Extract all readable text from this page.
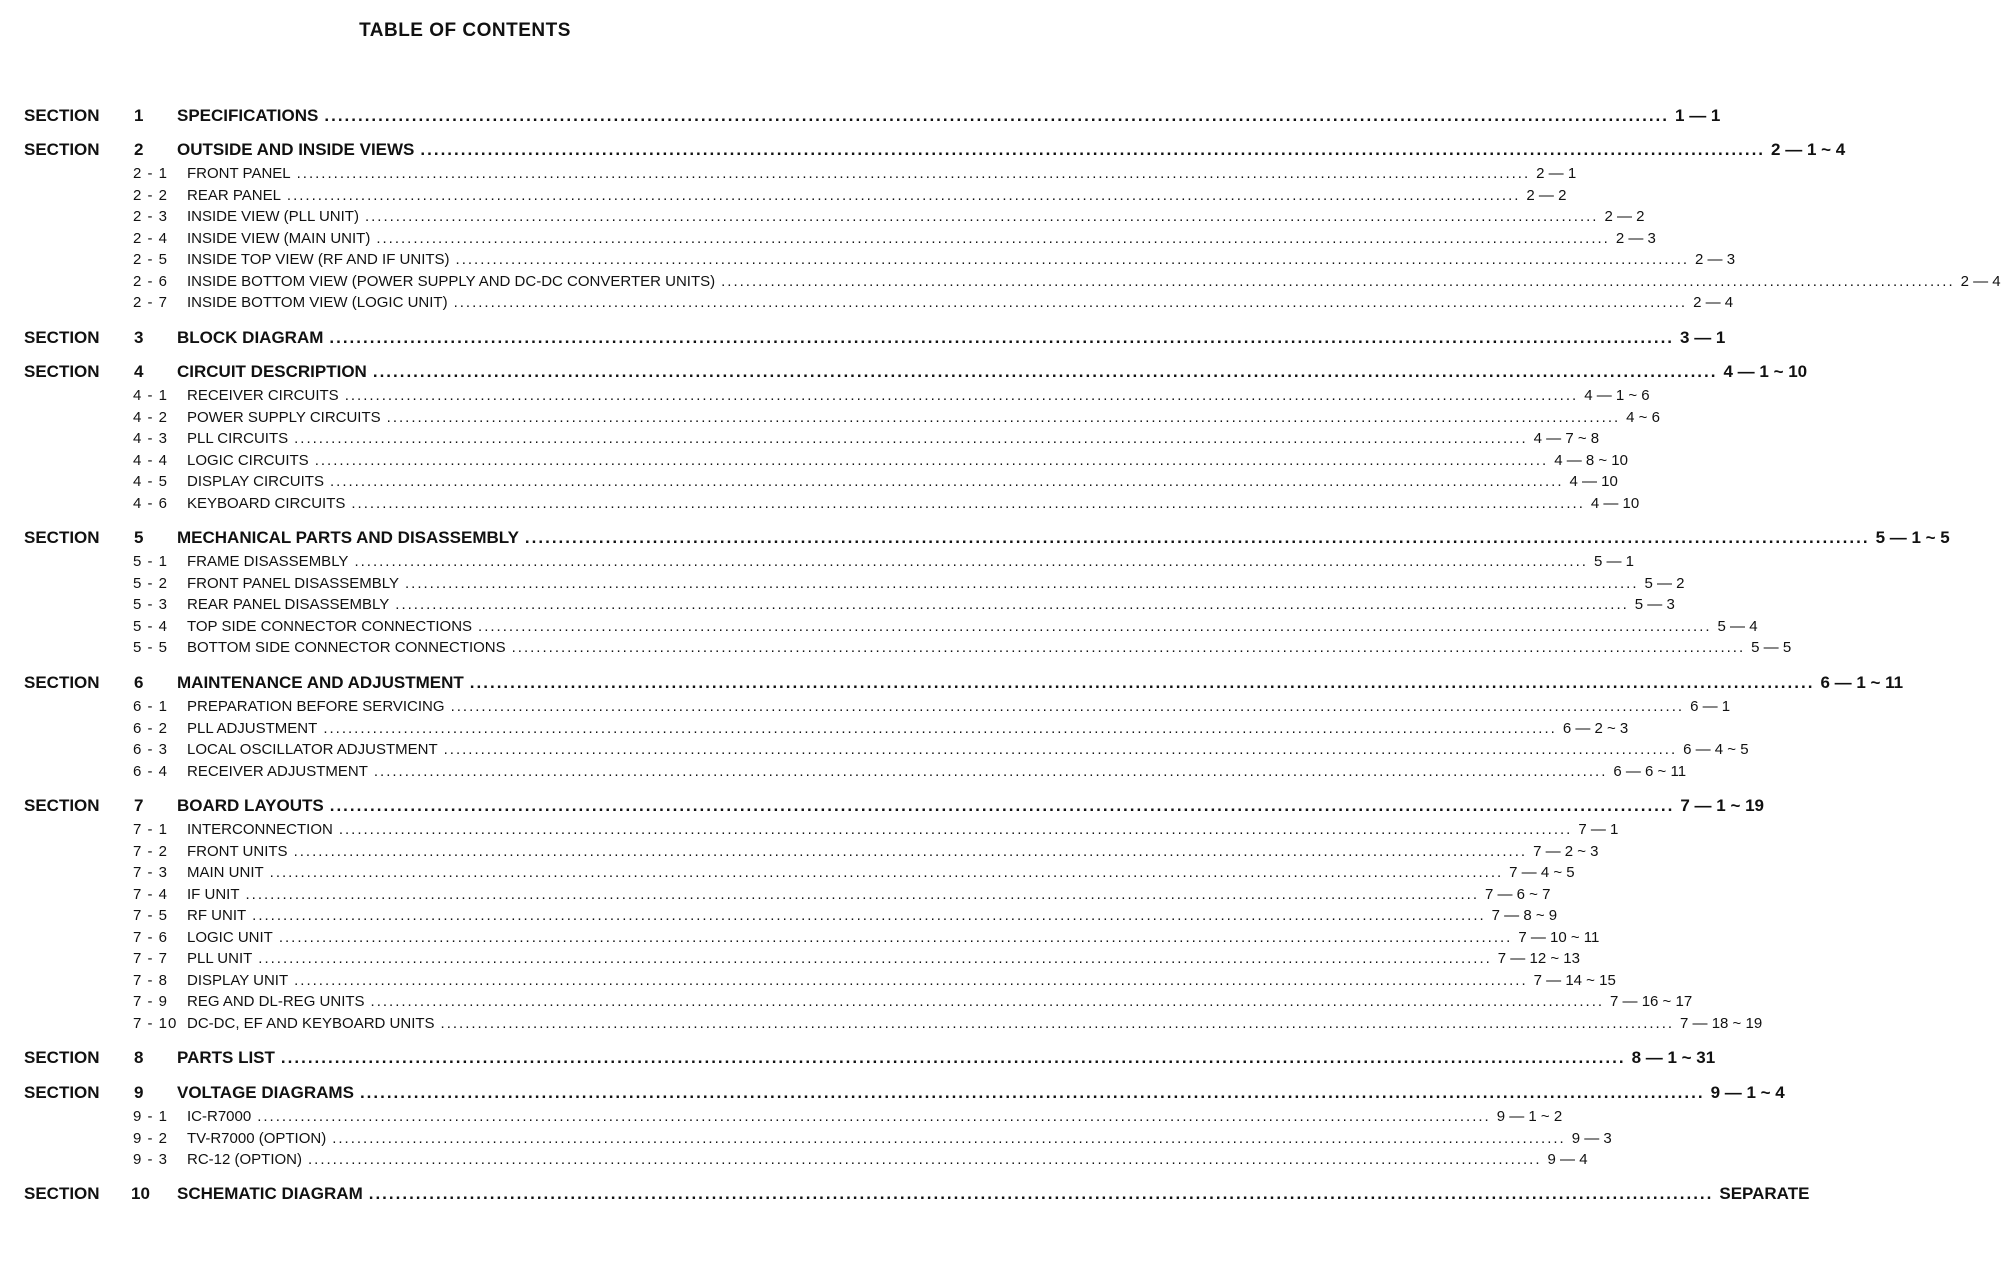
TABLE OF CONTENTS
SECTION 1 SPECIFICATIONS ........................................................................................................................................................................................................ 1 — 1
SECTION 2 OUTSIDE AND INSIDE VIEWS ........................................................................................................................................................................................................ 2 — 1 ~ 4
2 - 1 FRONT PANEL ........................................................................................................................................................................................................ 2 — 1
2 - 2 REAR PANEL ........................................................................................................................................................................................................ 2 — 2
2 - 3 INSIDE VIEW (PLL UNIT) ........................................................................................................................................................................................................ 2 — 2
2 - 4 INSIDE VIEW (MAIN UNIT) ........................................................................................................................................................................................................ 2 — 3
2 - 5 INSIDE TOP VIEW (RF AND IF UNITS) ........................................................................................................................................................................................................ 2 — 3
2 - 6 INSIDE BOTTOM VIEW (POWER SUPPLY AND DC-DC CONVERTER UNITS) ........................................................................................................................................................................................................ 2 — 4
2 - 7 INSIDE BOTTOM VIEW (LOGIC UNIT) ........................................................................................................................................................................................................ 2 — 4
SECTION 3 BLOCK DIAGRAM ........................................................................................................................................................................................................ 3 — 1
SECTION 4 CIRCUIT DESCRIPTION ........................................................................................................................................................................................................ 4 — 1 ~ 10
4 - 1 RECEIVER CIRCUITS ........................................................................................................................................................................................................ 4 — 1 ~ 6
4 - 2 POWER SUPPLY CIRCUITS ........................................................................................................................................................................................................ 4 ~ 6
4 - 3 PLL CIRCUITS ........................................................................................................................................................................................................ 4 — 7 ~ 8
4 - 4 LOGIC CIRCUITS ........................................................................................................................................................................................................ 4 — 8 ~ 10
4 - 5 DISPLAY CIRCUITS ........................................................................................................................................................................................................ 4 — 10
4 - 6 KEYBOARD CIRCUITS ........................................................................................................................................................................................................ 4 — 10
SECTION 5 MECHANICAL PARTS AND DISASSEMBLY ........................................................................................................................................................................................................ 5 — 1 ~ 5
5 - 1 FRAME DISASSEMBLY ........................................................................................................................................................................................................ 5 — 1
5 - 2 FRONT PANEL DISASSEMBLY ........................................................................................................................................................................................................ 5 — 2
5 - 3 REAR PANEL DISASSEMBLY ........................................................................................................................................................................................................ 5 — 3
5 - 4 TOP SIDE CONNECTOR CONNECTIONS ........................................................................................................................................................................................................ 5 — 4
5 - 5 BOTTOM SIDE CONNECTOR CONNECTIONS ........................................................................................................................................................................................................ 5 — 5
SECTION 6 MAINTENANCE AND ADJUSTMENT ........................................................................................................................................................................................................ 6 — 1 ~ 11
6 - 1 PREPARATION BEFORE SERVICING ........................................................................................................................................................................................................ 6 — 1
6 - 2 PLL ADJUSTMENT ........................................................................................................................................................................................................ 6 — 2 ~ 3
6 - 3 LOCAL OSCILLATOR ADJUSTMENT ........................................................................................................................................................................................................ 6 — 4 ~ 5
6 - 4 RECEIVER ADJUSTMENT ........................................................................................................................................................................................................ 6 — 6 ~ 11
SECTION 7 BOARD LAYOUTS ........................................................................................................................................................................................................ 7 — 1 ~ 19
7 - 1 INTERCONNECTION ........................................................................................................................................................................................................ 7 — 1
7 - 2 FRONT UNITS ........................................................................................................................................................................................................ 7 — 2 ~ 3
7 - 3 MAIN UNIT ........................................................................................................................................................................................................ 7 — 4 ~ 5
7 - 4 IF UNIT ........................................................................................................................................................................................................ 7 — 6 ~ 7
7 - 5 RF UNIT ........................................................................................................................................................................................................ 7 — 8 ~ 9
7 - 6 LOGIC UNIT ........................................................................................................................................................................................................ 7 — 10 ~ 11
7 - 7 PLL UNIT ........................................................................................................................................................................................................ 7 — 12 ~ 13
7 - 8 DISPLAY UNIT ........................................................................................................................................................................................................ 7 — 14 ~ 15
7 - 9 REG AND DL-REG UNITS ........................................................................................................................................................................................................ 7 — 16 ~ 17
7 - 10 DC-DC, EF AND KEYBOARD UNITS ........................................................................................................................................................................................................ 7 — 18 ~ 19
SECTION 8 PARTS LIST ........................................................................................................................................................................................................ 8 — 1 ~ 31
SECTION 9 VOLTAGE DIAGRAMS ........................................................................................................................................................................................................ 9 — 1 ~ 4
9 - 1 IC-R7000 ........................................................................................................................................................................................................ 9 — 1 ~ 2
9 - 2 TV-R7000 (OPTION) ........................................................................................................................................................................................................ 9 — 3
9 - 3 RC-12 (OPTION) ........................................................................................................................................................................................................ 9 — 4
SECTION 10 SCHEMATIC DIAGRAM ........................................................................................................................................................................................................ SEPARATE
